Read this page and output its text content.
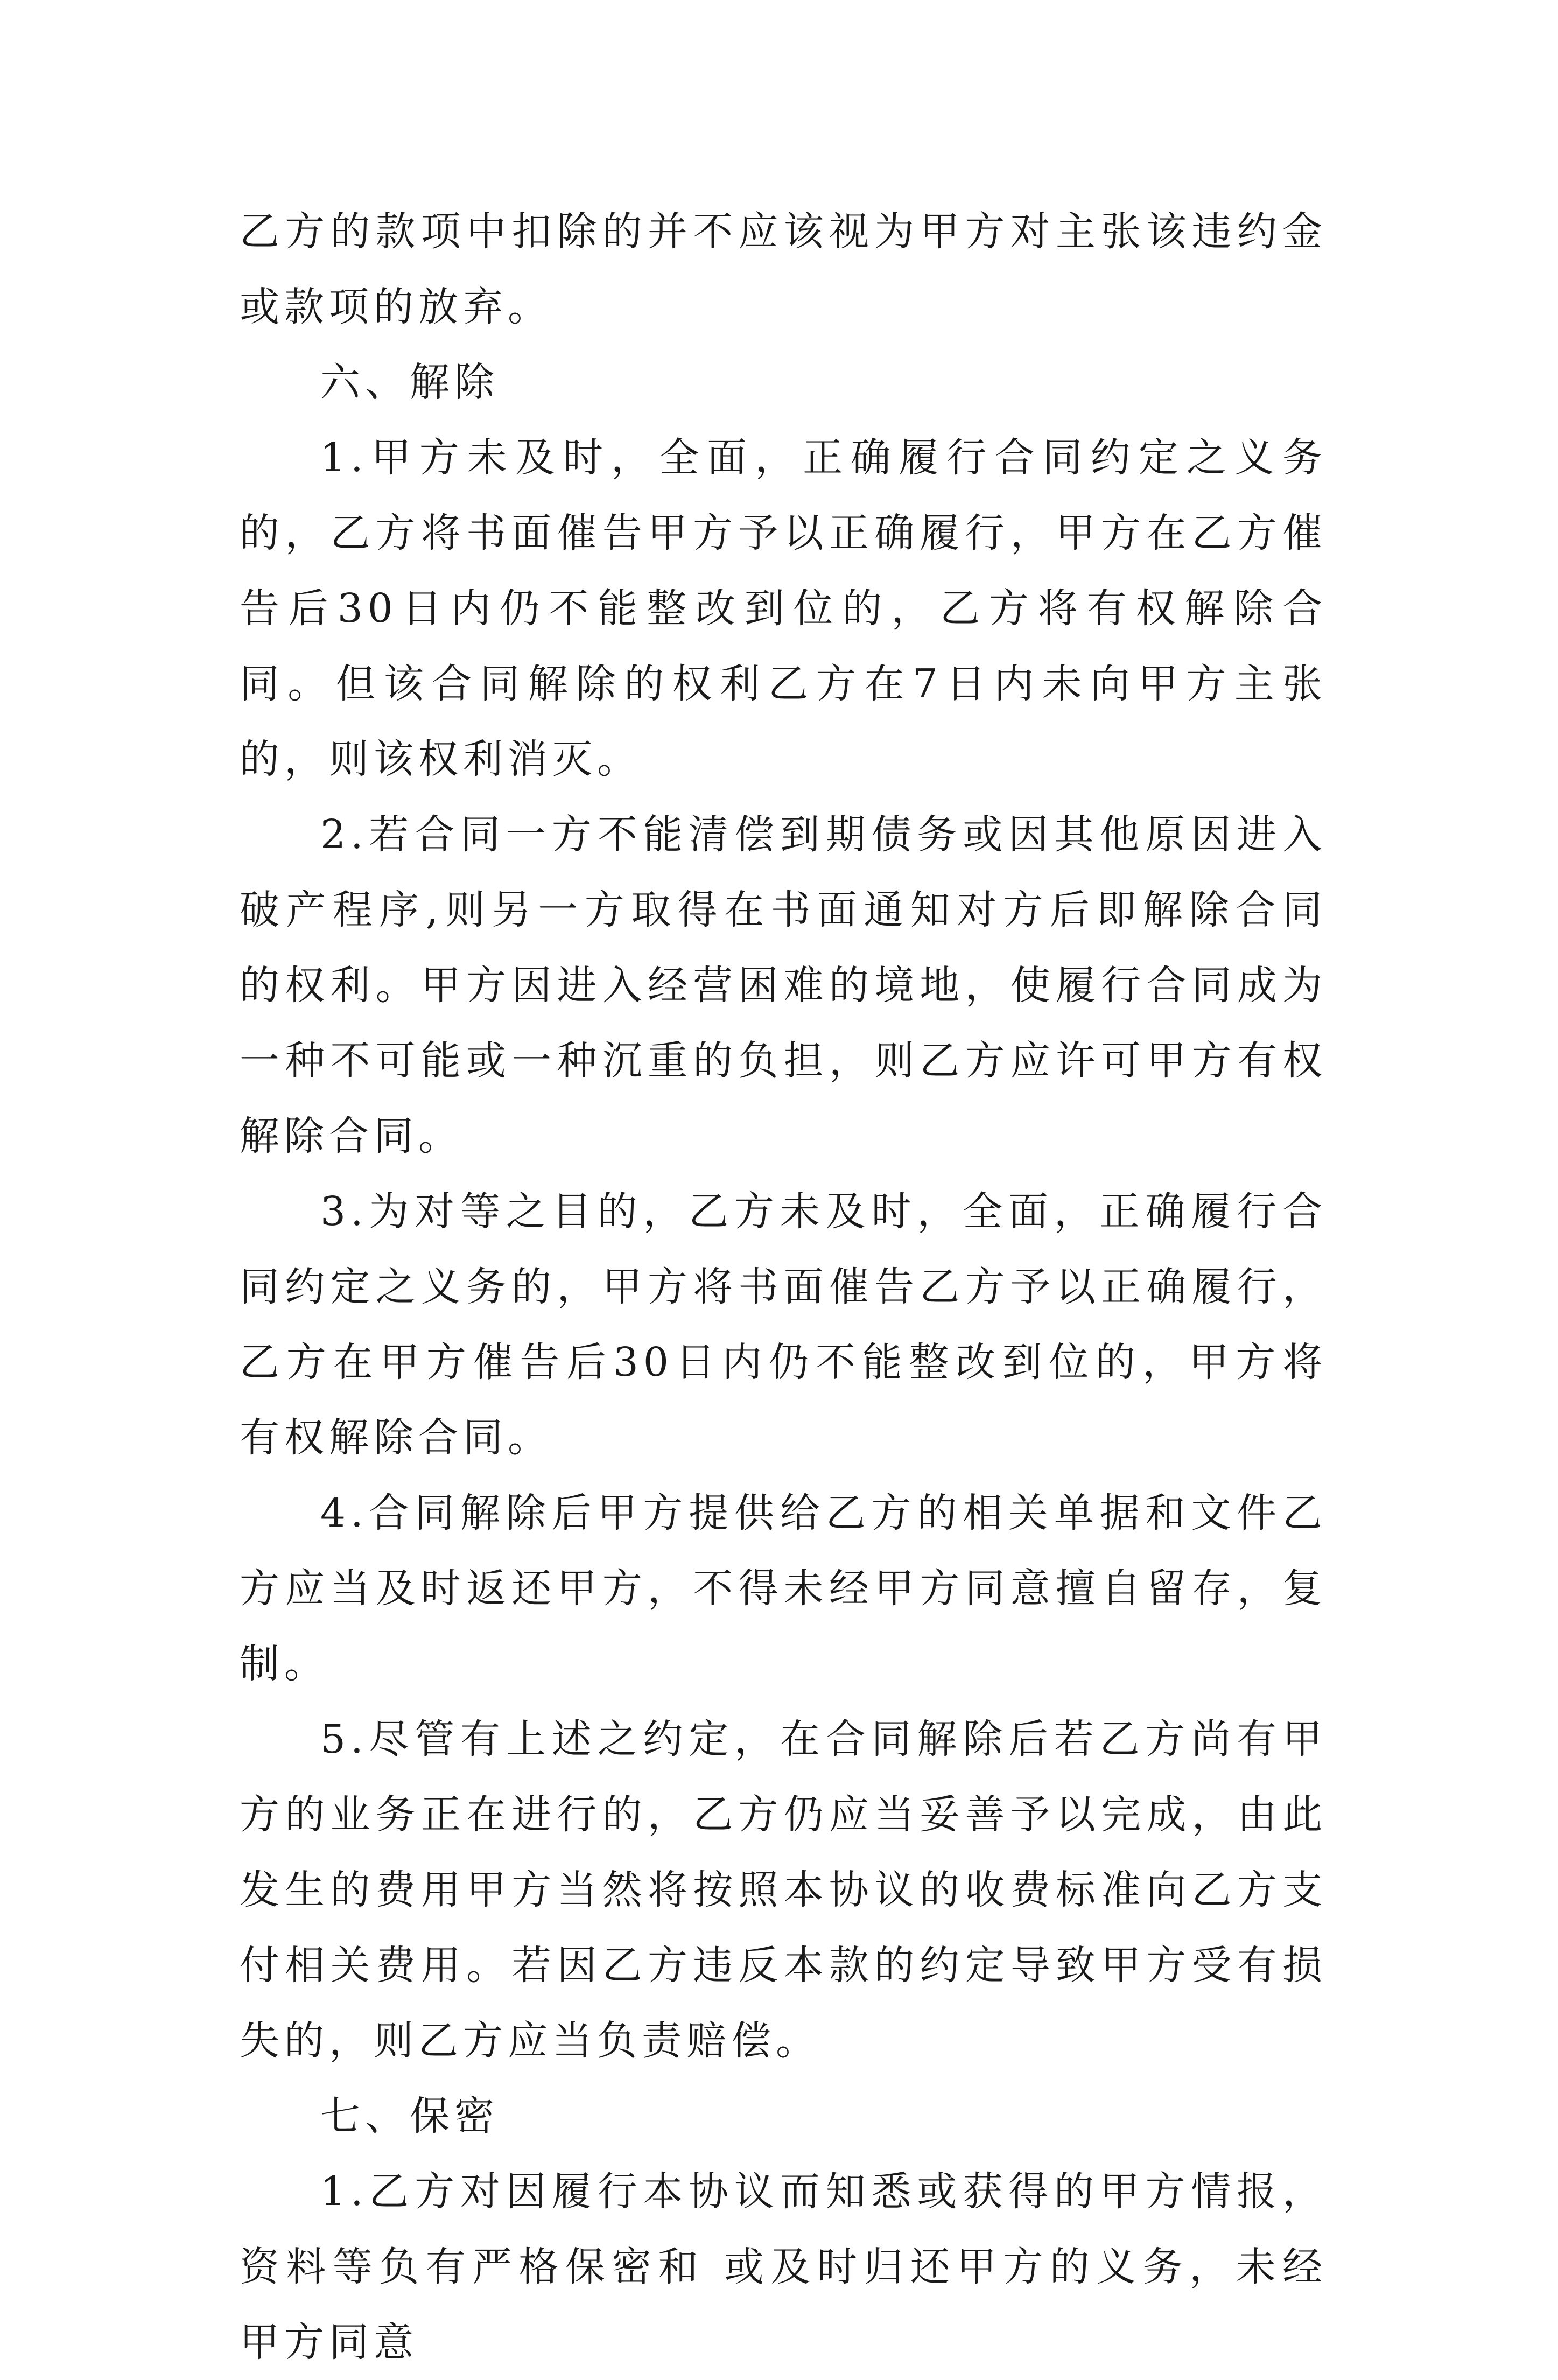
乙方的款项中扣除的并不应该视为甲方对主张该违约金或款项的放弃。

六、解除

1.甲方未及时，全面，正确履行合同约定之义务的，乙方将书面催告甲方予以正确履行，甲方在乙方催告后30日内仍不能整改到位的，乙方将有权解除合同。但该合同解除的权利乙方在7日内未向甲方主张的，则该权利消灭。

2.若合同一方不能清偿到期债务或因其他原因进入破产程序,则另一方取得在书面通知对方后即解除合同的权利。甲方因进入经营困难的境地，使履行合同成为一种不可能或一种沉重的负担，则乙方应许可甲方有权解除合同。

3.为对等之目的，乙方未及时，全面，正确履行合同约定之义务的，甲方将书面催告乙方予以正确履行，乙方在甲方催告后30日内仍不能整改到位的，甲方将有权解除合同。

4.合同解除后甲方提供给乙方的相关单据和文件乙方应当及时返还甲方，不得未经甲方同意擅自留存，复制。

5.尽管有上述之约定，在合同解除后若乙方尚有甲方的业务正在进行的，乙方仍应当妥善予以完成，由此发生的费用甲方当然将按照本协议的收费标准向乙方支付相关费用。若因乙方违反本款的约定导致甲方受有损失的，则乙方应当负责赔偿。

七、保密

1.乙方对因履行本协议而知悉或获得的甲方情报，资料等负有严格保密和 或及时归还甲方的义务，未经甲方同意
